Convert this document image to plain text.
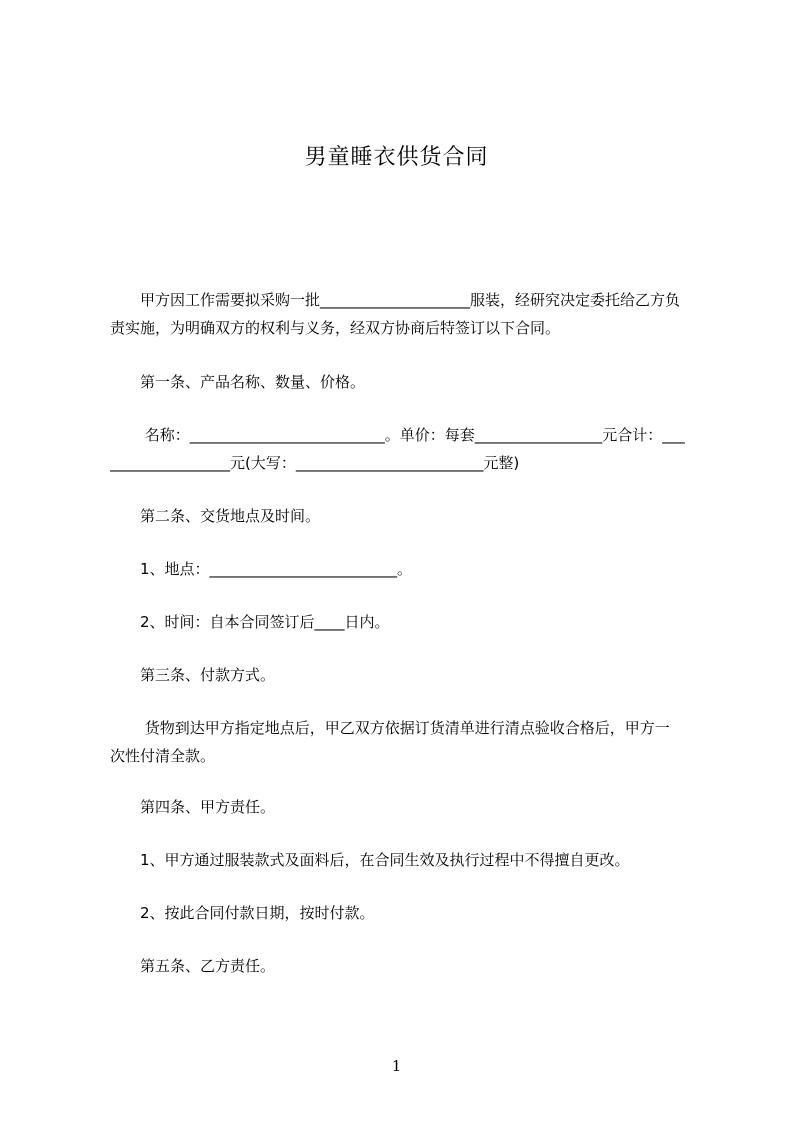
男童睡衣供货合同
　　甲方因工作需要拟采购一批____________________服装，经研究决定委托给乙方负
责实施，为明确双方的权利与义务，经双方协商后特签订以下合同。
　　第一条、产品名称、数量、价格。
　　 名称：__________________________。单价：每套_________________元合计：___
________________元(大写：_________________________元整)
　　第二条、交货地点及时间。
　　1、地点：_________________________。
　　2、时间：自本合同签订后____日内。
　　第三条、付款方式。
　　 货物到达甲方指定地点后，甲乙双方依据订货清单进行清点验收合格后，甲方一
次性付清全款。
　　第四条、甲方责任。
　　1、甲方通过服装款式及面料后，在合同生效及执行过程中不得擅自更改。
　　2、按此合同付款日期，按时付款。
　　第五条、乙方责任。
1
